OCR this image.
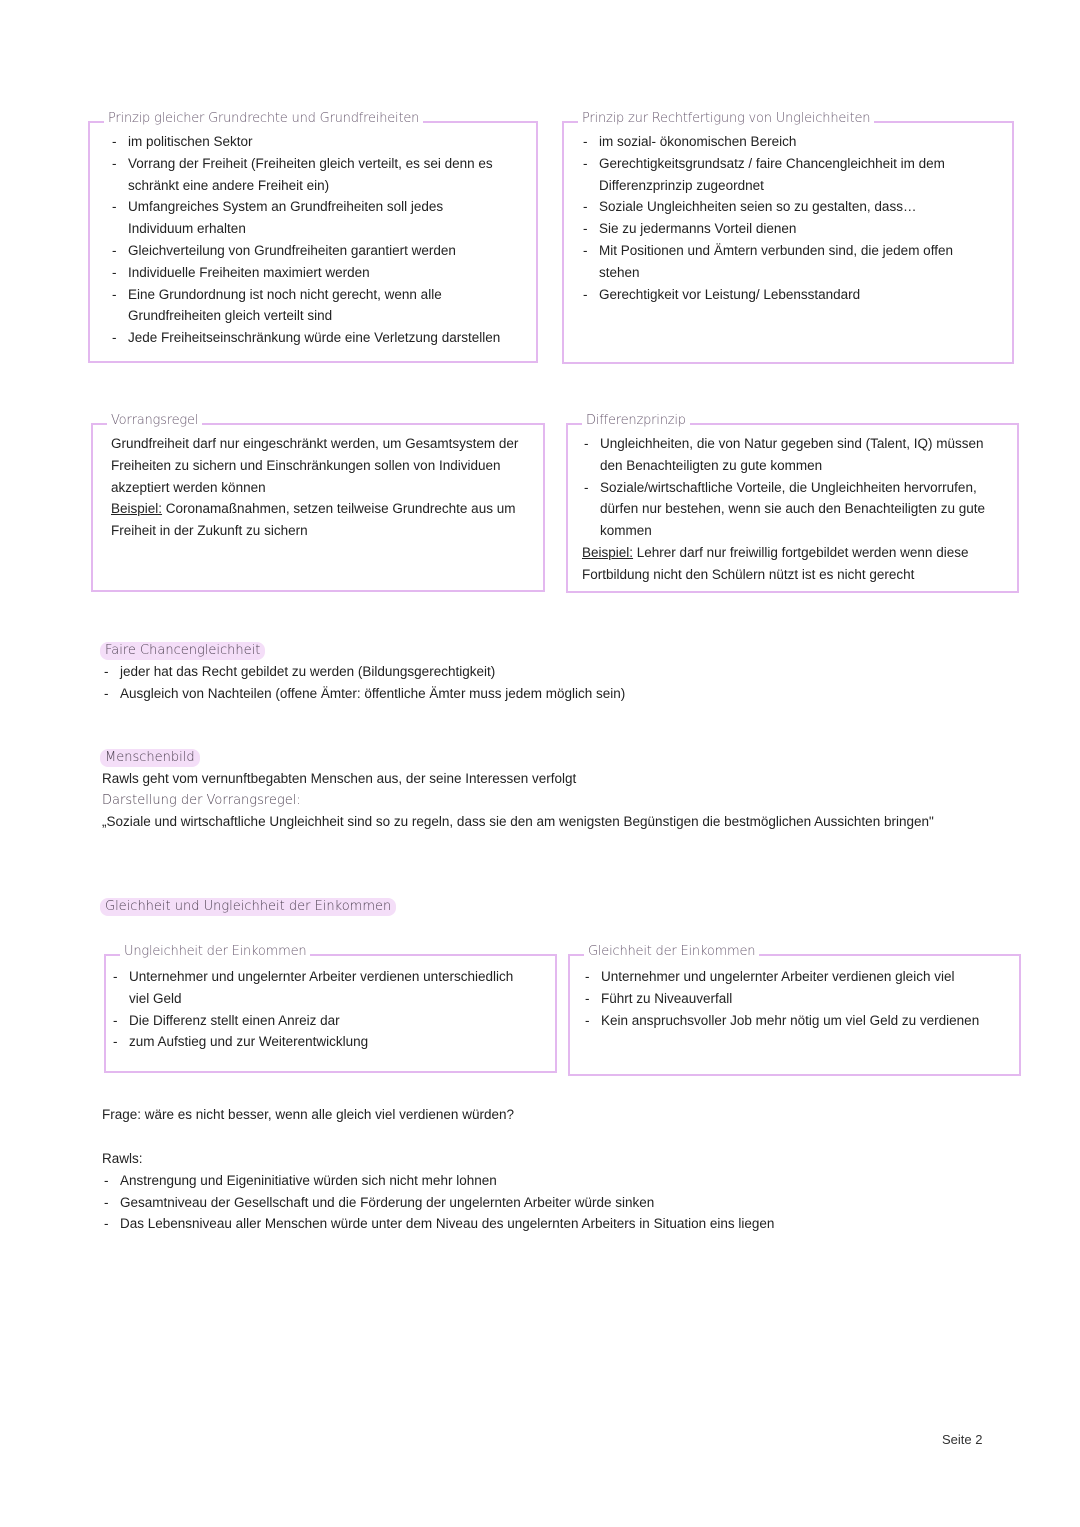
Prinzip gleicher Grundrechte und Grundfreiheiten
- im politischen Sektor
- Vorrang der Freiheit (Freiheiten gleich verteilt, es sei denn es schränkt eine andere Freiheit ein)
- Umfangreiches System an Grundfreiheiten soll jedes Individuum erhalten
- Gleichverteilung von Grundfreiheiten garantiert werden
- Individuelle Freiheiten maximiert werden
- Eine Grundordnung ist noch nicht gerecht, wenn alle Grundfreiheiten gleich verteilt sind
- Jede Freiheitseinschränkung würde eine Verletzung darstellen
Prinzip zur Rechtfertigung von Ungleichheiten
- im sozial- ökonomischen Bereich
- Gerechtigkeitsgrundsatz / faire Chancengleichheit im dem Differenzprinzip zugeordnet
- Soziale Ungleichheiten seien so zu gestalten, dass…
- Sie zu jedermanns Vorteil dienen
- Mit Positionen und Ämtern verbunden sind, die jedem offen stehen
- Gerechtigkeit vor Leistung/ Lebensstandard
Vorrangsregel
Grundfreiheit darf nur eingeschränkt werden, um Gesamtsystem der Freiheiten zu sichern und Einschränkungen sollen von Individuen akzeptiert werden können
Beispiel: Coronamaßnahmen, setzen teilweise Grundrechte aus um Freiheit in der Zukunft zu sichern
Differenzprinzip
- Ungleichheiten, die von Natur gegeben sind (Talent, IQ) müssen den Benachteiligten zu gute kommen
- Soziale/wirtschaftliche Vorteile, die Ungleichheiten hervorrufen, dürfen nur bestehen, wenn sie auch den Benachteiligten zu gute kommen
Beispiel: Lehrer darf nur freiwillig fortgebildet werden wenn diese Fortbildung nicht den Schülern nützt ist es nicht gerecht
Faire Chancengleichheit
- jeder hat das Recht gebildet zu werden (Bildungsgerechtigkeit)
- Ausgleich von Nachteilen (offene Ämter: öffentliche Ämter muss jedem möglich sein)
Menschenbild
Rawls geht vom vernunftbegabten Menschen aus, der seine Interessen verfolgt
Darstellung der Vorrangsregel:
„Soziale und wirtschaftliche Ungleichheit sind so zu regeln, dass sie den am wenigsten Begünstigen die bestmöglichen Aussichten bringen"
Gleichheit und Ungleichheit der Einkommen
Ungleichheit der Einkommen
- Unternehmer und ungelernter Arbeiter verdienen unterschiedlich viel Geld
- Die Differenz stellt einen Anreiz dar
- zum Aufstieg und zur Weiterentwicklung
Gleichheit der Einkommen
- Unternehmer und ungelernter Arbeiter verdienen gleich viel
- Führt zu Niveauverfall
- Kein anspruchsvoller Job mehr nötig um viel Geld zu verdienen
Frage: wäre es nicht besser, wenn alle gleich viel verdienen würden?
Rawls:
- Anstrengung und Eigeninitiative würden sich nicht mehr lohnen
- Gesamtniveau der Gesellschaft und die Förderung der ungelernten Arbeiter würde sinken
- Das Lebensniveau aller Menschen würde unter dem Niveau des ungelernten Arbeiters in Situation eins liegen
Seite 2
